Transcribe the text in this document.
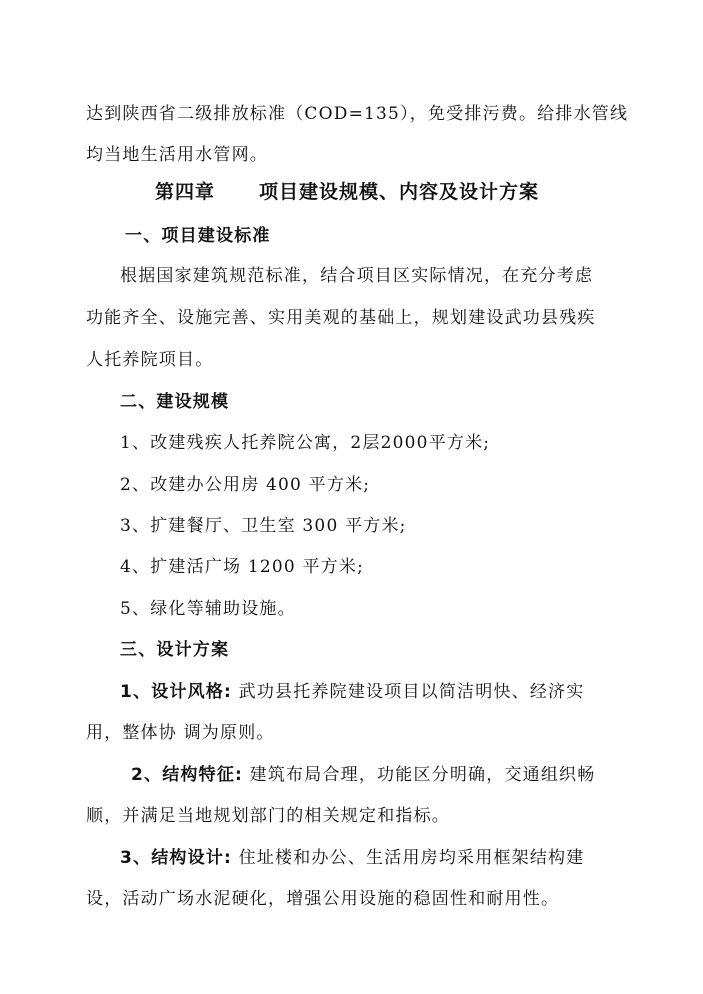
达到陕西省二级排放标准（COD=135），免受排污费。给排水管线
均当地生活用水管网。
第四章 项目建设规模、内容及设计方案
一、项目建设标准
根据国家建筑规范标准，结合项目区实际情况，在充分考虑
功能齐全、设施完善、实用美观的基础上，规划建设武功县残疾
人托养院项目。
二、建设规模
1、改建残疾人托养院公寓，2层2000平方米;
2、改建办公用房 400 平方米;
3、扩建餐厅、卫生室 300 平方米;
4、扩建活广场 1200 平方米;
5、绿化等辅助设施。
三、设计方案
1、设计风格: 武功县托养院建设项目以简洁明快、经济实
用，整体协 调为原则。
2、结构特征: 建筑布局合理，功能区分明确，交通组织畅
顺，并满足当地规划部门的相关规定和指标。
3、结构设计: 住址楼和办公、生活用房均采用框架结构建
设，活动广场水泥硬化，增强公用设施的稳固性和耐用性。
